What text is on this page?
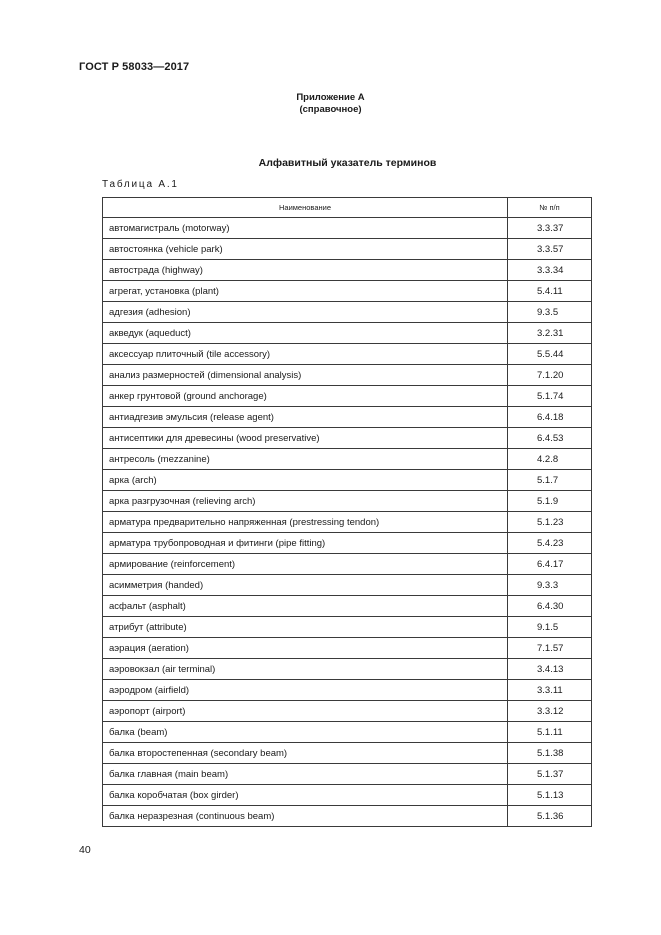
ГОСТ Р 58033—2017
Приложение А
(справочное)
Алфавитный указатель терминов
Таблица А.1
Наименование	№ п/п
автомагистраль (motorway)	3.3.37
автостоянка (vehicle park)	3.3.57
автострада (highway)	3.3.34
агрегат, установка (plant)	5.4.11
адгезия (adhesion)	9.3.5
акведук (aqueduct)	3.2.31
аксессуар плиточный (tile accessory)	5.5.44
анализ размерностей (dimensional analysis)	7.1.20
анкер грунтовой (ground anchorage)	5.1.74
антиадгезив эмульсия (release agent)	6.4.18
антисептики для древесины (wood preservative)	6.4.53
антресоль (mezzanine)	4.2.8
арка (arch)	5.1.7
арка разгрузочная (relieving arch)	5.1.9
арматура предварительно напряженная (prestressing tendon)	5.1.23
арматура трубопроводная и фитинги (pipe fitting)	5.4.23
армирование (reinforcement)	6.4.17
асимметрия (handed)	9.3.3
асфальт (asphalt)	6.4.30
атрибут (attribute)	9.1.5
аэрация (aeration)	7.1.57
аэровокзал (air terminal)	3.4.13
аэродром (airfield)	3.3.11
аэропорт (airport)	3.3.12
балка (beam)	5.1.11
балка второстепенная (secondary beam)	5.1.38
балка главная (main beam)	5.1.37
балка коробчатая (box girder)	5.1.13
балка неразрезная (continuous beam)	5.1.36
40
